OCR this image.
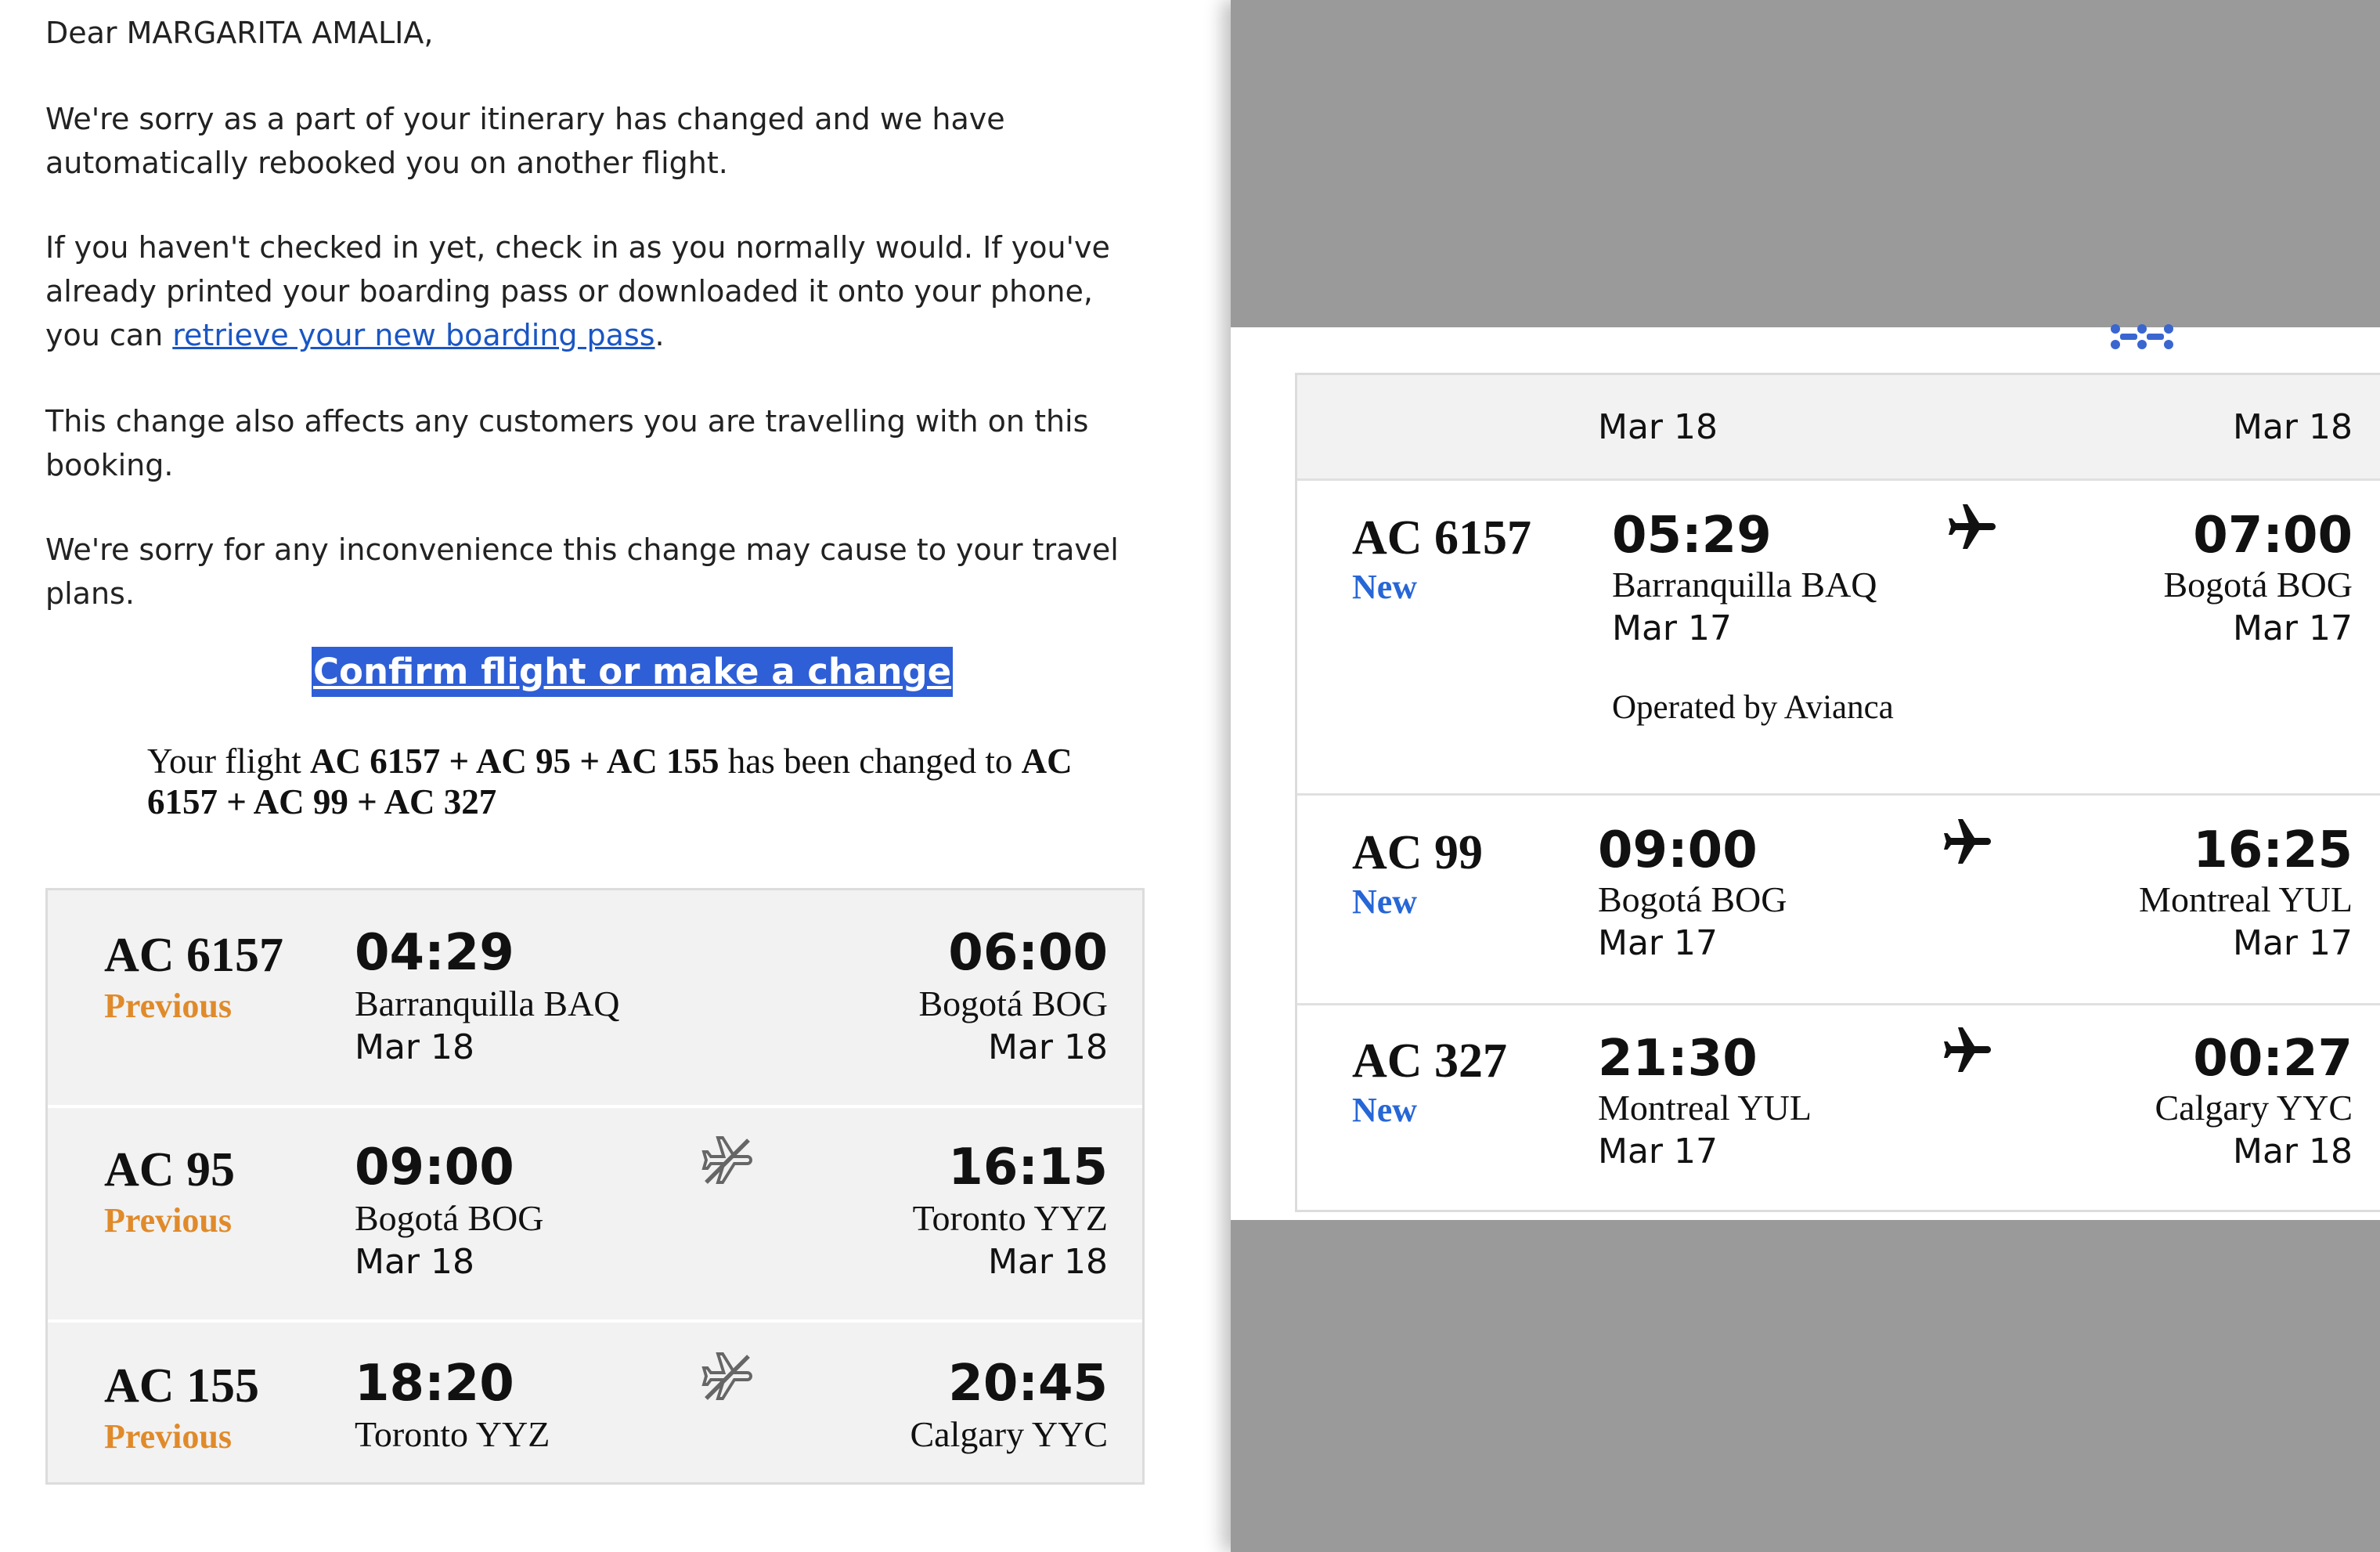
Dear MARGARITA AMALIA,

We're sorry as a part of your itinerary has changed and we have automatically rebooked you on another flight.

If you haven't checked in yet, check in as you normally would. If you've already printed your boarding pass or downloaded it onto your phone, you can retrieve your new boarding pass.

This change also affects any customers you are travelling with on this booking.

We're sorry for any inconvenience this change may cause to your travel plans.

Confirm flight or make a change

Your flight AC 6157 + AC 95 + AC 155 has been changed to AC 6157 + AC 99 + AC 327

AC 6157
Previous
04:29
Barranquilla BAQ
Mar 18
06:00
Bogotá BOG
Mar 18
AC 95
Previous
09:00
Bogotá BOG
Mar 18
16:15
Toronto YYZ
Mar 18
AC 155
Previous
18:20
Toronto YYZ
20:45
Calgary YYC
Mar 18	Mar 18
AC 6157
New
05:29
Barranquilla BAQ
Mar 17
Operated by Avianca
07:00
Bogotá BOG
Mar 17
AC 99
New
09:00
Bogotá BOG
Mar 17
16:25
Montreal YUL
Mar 17
AC 327
New
21:30
Montreal YUL
Mar 17
00:27
Calgary YYC
Mar 18
